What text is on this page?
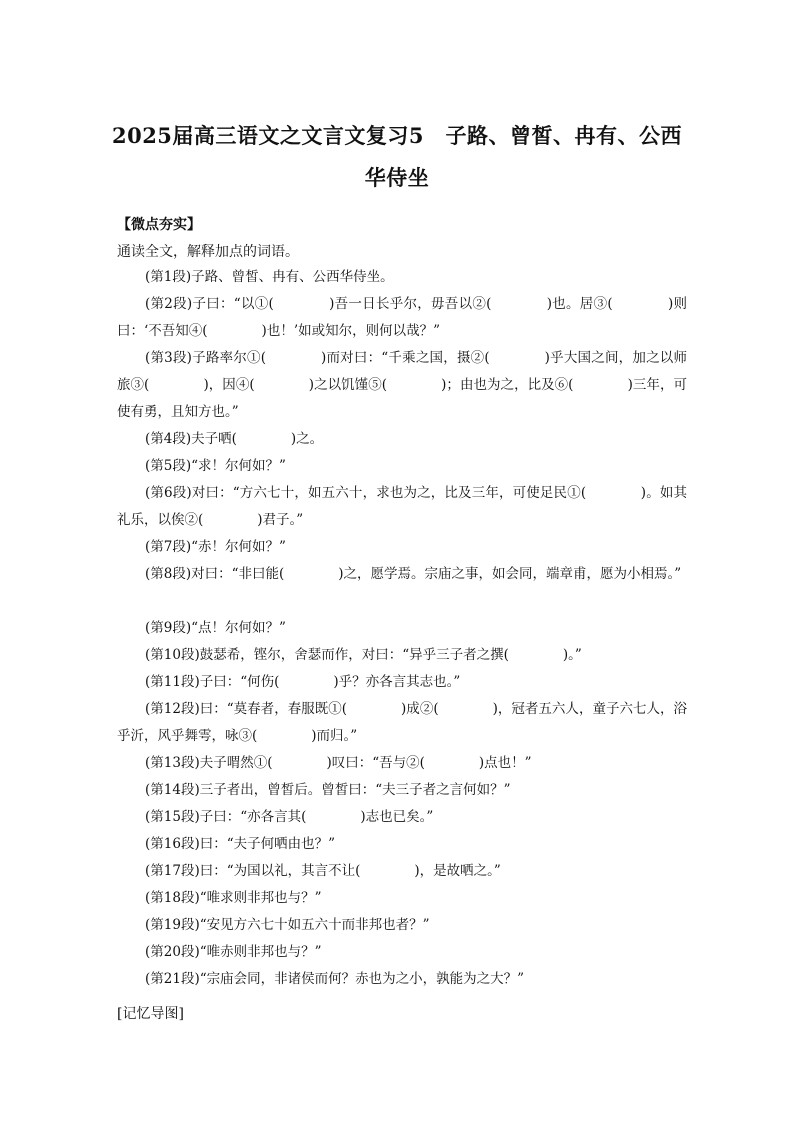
2025届高三语文之文言文复习5　子路、曾皙、冉有、公西
华侍坐
【微点夯实】
通读全文，解释加点的词语。
(第1段)子路、曾皙、冉有、公西华侍坐。
(第2段)子曰：“以①(　　　　)吾一日长乎尔，毋吾以②(　　　　)也。居③(　　　　)则曰：‘不吾知④(　　　　)也！’如或知尔，则何以哉？”
(第3段)子路率尔①(　　　　)而对曰：“千乘之国，摄②(　　　　)乎大国之间，加之以师旅③(　　　　)，因④(　　　　)之以饥馑⑤(　　　　)；由也为之，比及⑥(　　　　)三年，可使有勇，且知方也。”
(第4段)夫子哂(　　　　)之。
(第5段)“求！尔何如？”
(第6段)对曰：“方六七十，如五六十，求也为之，比及三年，可使足民①(　　　　)。如其礼乐，以俟②(　　　　)君子。”
(第7段)“赤！尔何如？”
(第8段)对曰：“非曰能(　　　　)之，愿学焉。宗庙之事，如会同，端章甫，愿为小相焉。”
(第9段)“点！尔何如？”
(第10段)鼓瑟希，铿尔，舍瑟而作，对曰：“异乎三子者之撰(　　　　)。”
(第11段)子曰：“何伤(　　　　)乎？亦各言其志也。”
(第12段)曰：“莫春者，春服既①(　　　　)成②(　　　　)，冠者五六人，童子六七人，浴乎沂，风乎舞雩，咏③(　　　　)而归。”
(第13段)夫子喟然①(　　　　)叹曰：“吾与②(　　　　)点也！”
(第14段)三子者出，曾皙后。曾皙曰：“夫三子者之言何如？”
(第15段)子曰：“亦各言其(　　　　)志也已矣。”
(第16段)曰：“夫子何哂由也？”
(第17段)曰：“为国以礼，其言不让(　　　　)，是故哂之。”
(第18段)“唯求则非邦也与？”
(第19段)“安见方六七十如五六十而非邦也者？”
(第20段)“唯赤则非邦也与？”
(第21段)“宗庙会同，非诸侯而何？赤也为之小，孰能为之大？”
[记忆导图]
